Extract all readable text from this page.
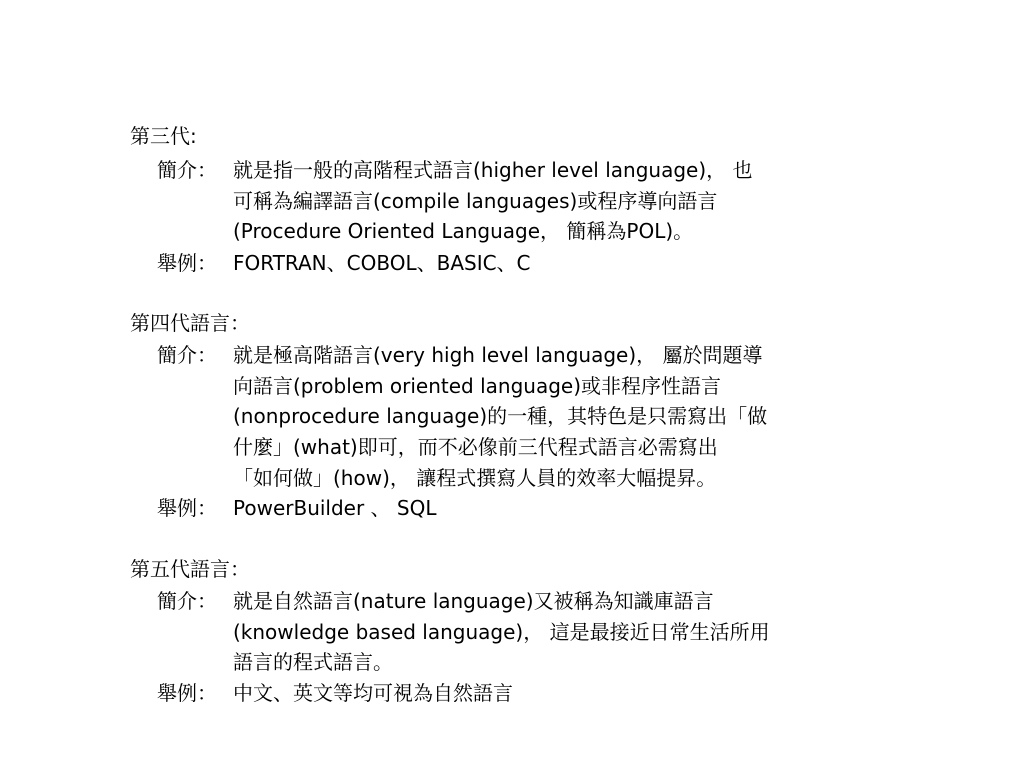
第三代:
簡介： 就是指一般的高階程式語言(higher level language)， 也
可稱為編譯語言(compile languages)或程序導向語言
(Procedure Oriented Language， 簡稱為POL)。
舉例： FORTRAN、COBOL、BASIC、C
第四代語言：
簡介： 就是極高階語言(very high level language)， 屬於問題導
向語言(problem oriented language)或非程序性語言
(nonprocedure language)的一種，其特色是只需寫出「做
什麼」(what)即可，而不必像前三代程式語言必需寫出
「如何做」(how)， 讓程式撰寫人員的效率大幅提昇。
舉例： PowerBuilder 、 SQL
第五代語言：
簡介： 就是自然語言(nature language)又被稱為知識庫語言
(knowledge based language)， 這是最接近日常生活所用
語言的程式語言。
舉例： 中文、英文等均可視為自然語言
